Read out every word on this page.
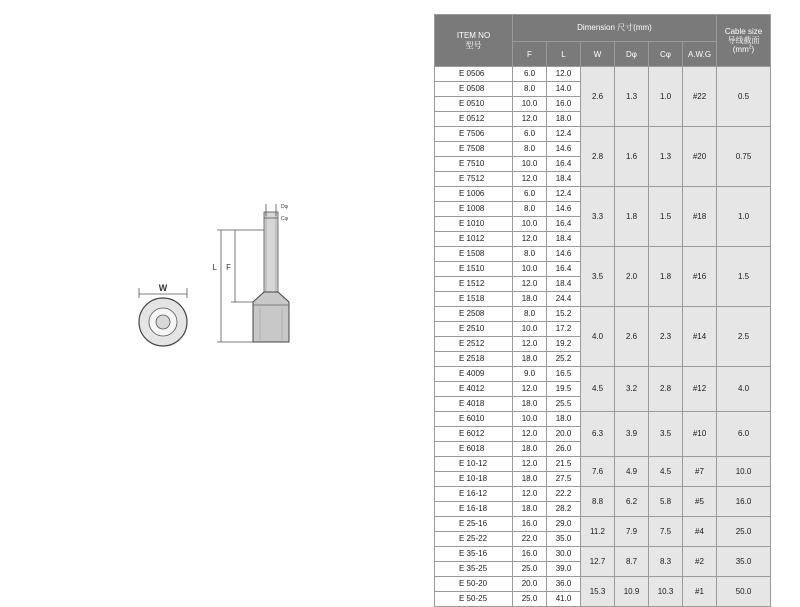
W
L F
Dφ
Cφ
ITEM NO
型号	Dimension 尺寸(mm)						Cable size
导线截面
$(mm^2)$
	F	L	W	Dφ	Cφ	A.W.G	
E 0506	6.0	12.0	2.6	1.3	1.0	#22	0.5
E 0508	8.0	14.0					
E 0510	10.0	16.0					
E 0512	12.0	18.0					
E 7506	6.0	12.4	2.8	1.6	1.3	#20	0.75
E 7508	8.0	14.6					
E 7510	10.0	16.4					
E 7512	12.0	18.4					
E 1006	6.0	12.4	3.3	1.8	1.5	#18	1.0
E 1008	8.0	14.6					
E 1010	10.0	16.4					
E 1012	12.0	18.4					
E 1508	8.0	14.6	3.5	2.0	1.8	#16	1.5
E 1510	10.0	16.4					
E 1512	12.0	18.4					
E 1518	18.0	24.4					
E 2508	8.0	15.2	4.0	2.6	2.3	#14	2.5
E 2510	10.0	17.2					
E 2512	12.0	19.2					
E 2518	18.0	25.2					
E 4009	9.0	16.5	4.5	3.2	2.8	#12	4.0
E 4012	12.0	19.5					
E 4018	18.0	25.5					
E 6010	10.0	18.0	6.3	3.9	3.5	#10	6.0
E 6012	12.0	20.0					
E 6018	18.0	26.0					
E 10-12	12.0	21.5	7.6	4.9	4.5	#7	10.0
E 10-18	18.0	27.5					
E 16-12	12.0	22.2	8.8	6.2	5.8	#5	16.0
E 16-18	18.0	28.2					
E 25-16	16.0	29.0	11.2	7.9	7.5	#4	25.0
E 25-22	22.0	35.0					
E 35-16	16.0	30.0	12.7	8.7	8.3	#2	35.0
E 35-25	25.0	39.0					
E 50-20	20.0	36.0	15.3	10.9	10.3	#1	50.0
E 50-25	25.0	41.0					
